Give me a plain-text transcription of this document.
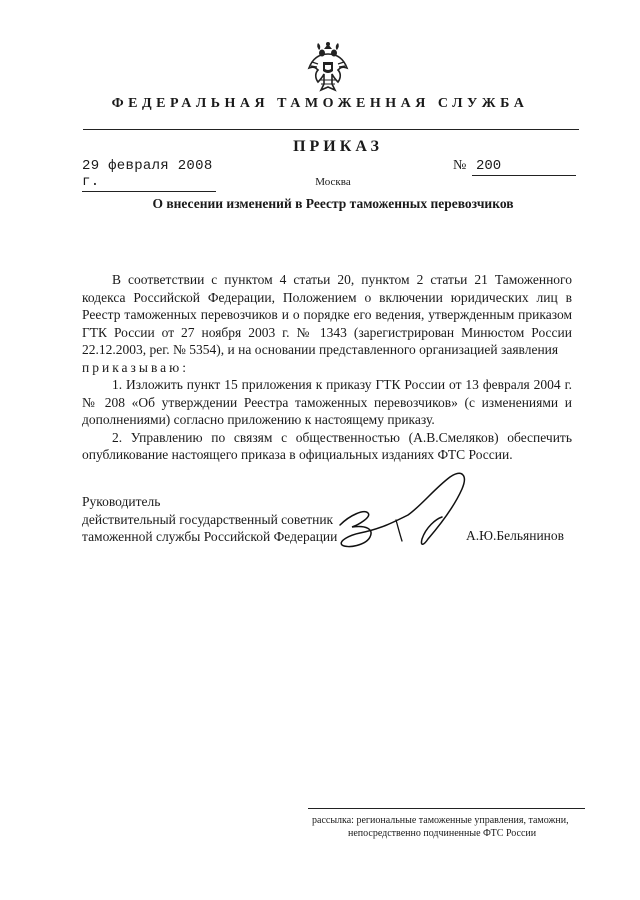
ФЕДЕРАЛЬНАЯ ТАМОЖЕННАЯ СЛУЖБА
ПРИКАЗ
29 февраля 2008 г.
№ 200
Москва
О внесении изменений в Реестр таможенных перевозчиков

В соответствии с пунктом 4 статьи 20, пунктом 2 статьи 21 Таможенного кодекса Российской Федерации, Положением о включении юридических лиц в Реестр таможенных перевозчиков и о порядке его ведения, утвержденным приказом ГТК России от 27 ноября 2003 г. № 1343 (зарегистрирован Минюстом России 22.12.2003, рег. № 5354), и на основании представленного организацией заявления
приказываю:

1. Изложить пункт 15 приложения к приказу ГТК России от 13 февраля 2004 г. № 208 «Об утверждении Реестра таможенных перевозчиков» (с изменениями и дополнениями) согласно приложению к настоящему приказу.

2. Управлению по связям с общественностью (А.В.Смеляков) обеспечить опубликование настоящего приказа в официальных изданиях ФТС России.

Руководитель
действительный государственный советник
таможенной службы Российской Федерации	А.Ю.Бельянинов
рассылка: региональные таможенные управления, таможни,
непосредственно подчиненные ФТС России
